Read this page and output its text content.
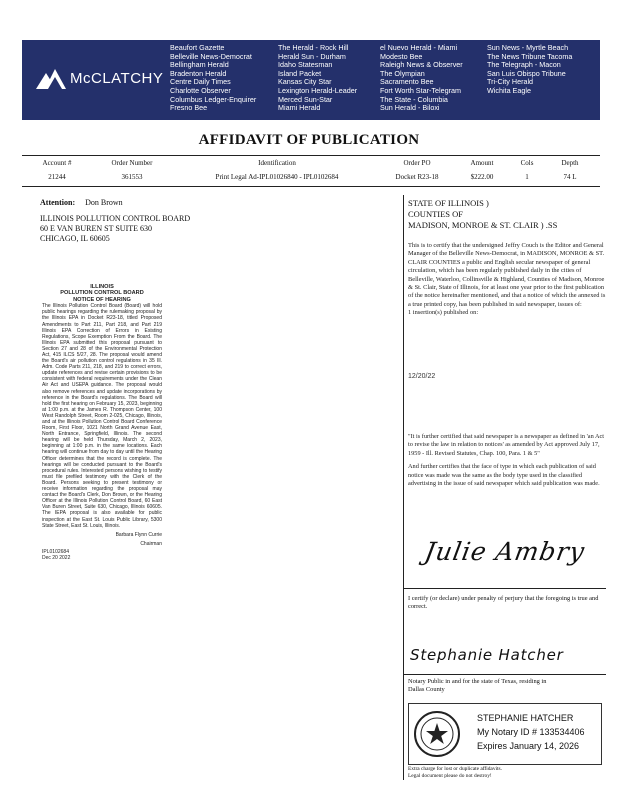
McCLATCHY
Beaufort Gazette
Belleville News-Democrat
Bellingham Herald
Bradenton Herald
Centre Daily Times
Charlotte Observer
Columbus Ledger-Enquirer
Fresno Bee
The Herald - Rock Hill
Herald Sun - Durham
Idaho Statesman
Island Packet
Kansas City Star
Lexington Herald-Leader
Merced Sun-Star
Miami Herald
el Nuevo Herald - Miami
Modesto Bee
Raleigh News & Observer
The Olympian
Sacramento Bee
Fort Worth Star-Telegram
The State - Columbia
Sun Herald - Biloxi
Sun News - Myrtle Beach
The News Tribune Tacoma
The Telegraph - Macon
San Luis Obispo Tribune
Tri-City Herald
Wichita Eagle
AFFIDAVIT OF PUBLICATION
Account #	Order Number	Identification	Order PO	Amount	Cols	Depth
21244	361553	Print Legal Ad-IPL01026840 - IPL0102684	Docket R23-18	$222.00	1	74 L
Attention: Don Brown
ILLINOIS POLLUTION CONTROL BOARD
60 E VAN BUREN ST SUITE 630
CHICAGO, IL 60605
ILLINOIS
POLLUTION CONTROL BOARD
NOTICE OF HEARING
The Illinois Pollution Control Board (Board) will hold public hearings regarding the rulemaking proposal by the Illinois EPA in Docket R23-18, titled Proposed Amendments to Part 211, Part 218, and Part 219 Illinois EPA Correction of Errors in Existing Regulations, Scope Exemption From the Board. The Illinois EPA submitted this proposal pursuant to Section 27 and 28 of the Environmental Protection Act, 415 ILCS 5/27, 28. The proposal would amend the Board's air pollution control regulations in 35 Ill. Adm. Code Parts 211, 218, and 219 to correct errors, update references and revise certain provisions to be consistent with federal requirements under the Clean Air Act and USEPA guidance. The proposal would also remove references and update incorporations by reference in the Board's regulations. The Board will hold the first hearing on February 15, 2023, beginning at 1:00 p.m. at the James R. Thompson Center, 100 West Randolph Street, Room 2-025, Chicago, Illinois, and at the Illinois Pollution Control Board Conference Room, First Floor, 1021 North Grand Avenue East, North Entrance, Springfield, Illinois. The second hearing will be held Thursday, March 2, 2023, beginning at 1:00 p.m. in the same locations. Each hearing will continue from day to day until the Hearing Officer determines that the record is complete. The hearings will be conducted pursuant to the Board's procedural rules. Interested persons wishing to testify must file prefiled testimony with the Clerk of the Board. Persons seeking to present testimony or receive information regarding the proposal may contact the Board's Clerk, Don Brown, or the Hearing Officer at the Illinois Pollution Control Board, 60 East Van Buren Street, Suite 630, Chicago, Illinois 60605. The IEPA proposal is also available for public inspection at the East St. Louis Public Library, 5300 State Street, East St. Louis, Illinois.
Barbara Flynn Currie
Chairman
IPL0102684
Dec 20 2022
STATE OF ILLINOIS )
COUNTIES OF
MADISON, MONROE & ST. CLAIR ) .SS

This is to certify that the undersigned Jeffry Couch is the Editor and General Manager of the Belleville News-Democrat, in MADISON, MONROE & ST. CLAIR COUNTIES a public and English secular newspaper of general circulation, which has been regularly published daily in the cities of Belleville, Waterloo, Collinsville & Highland, Counties of Madison, Monroe & St. Clair, State of Illinois, for at least one year prior to the first publication of the notice hereinafter mentioned, and that a notice of which the annexed is a true printed copy, has been published in said newspaper, issues of:

1 insertion(s) published on:

12/20/22

"It is further certified that said newspaper is a newspaper as defined in 'an Act to revise the law in relation to notices' as amended by Act approved July 17, 1959 - Ill. Revised Statutes, Chap. 100, Para. 1 & 5"

And further certifies that the face of type in which each publication of said notice was made was the same as the body type used in the classified advertising in the issue of said newspaper which said publication was made.

Julie Ambry
I certify (or declare) under penalty of perjury that the foregoing is true and correct.
Stephanie Hatcher
Notary Public in and for the state of Texas, residing in
Dallas County
STEPHANIE HATCHER
My Notary ID # 133534406
Expires January 14, 2026
Extra charge for lost or duplicate affidavits.
Legal document please do not destroy!
